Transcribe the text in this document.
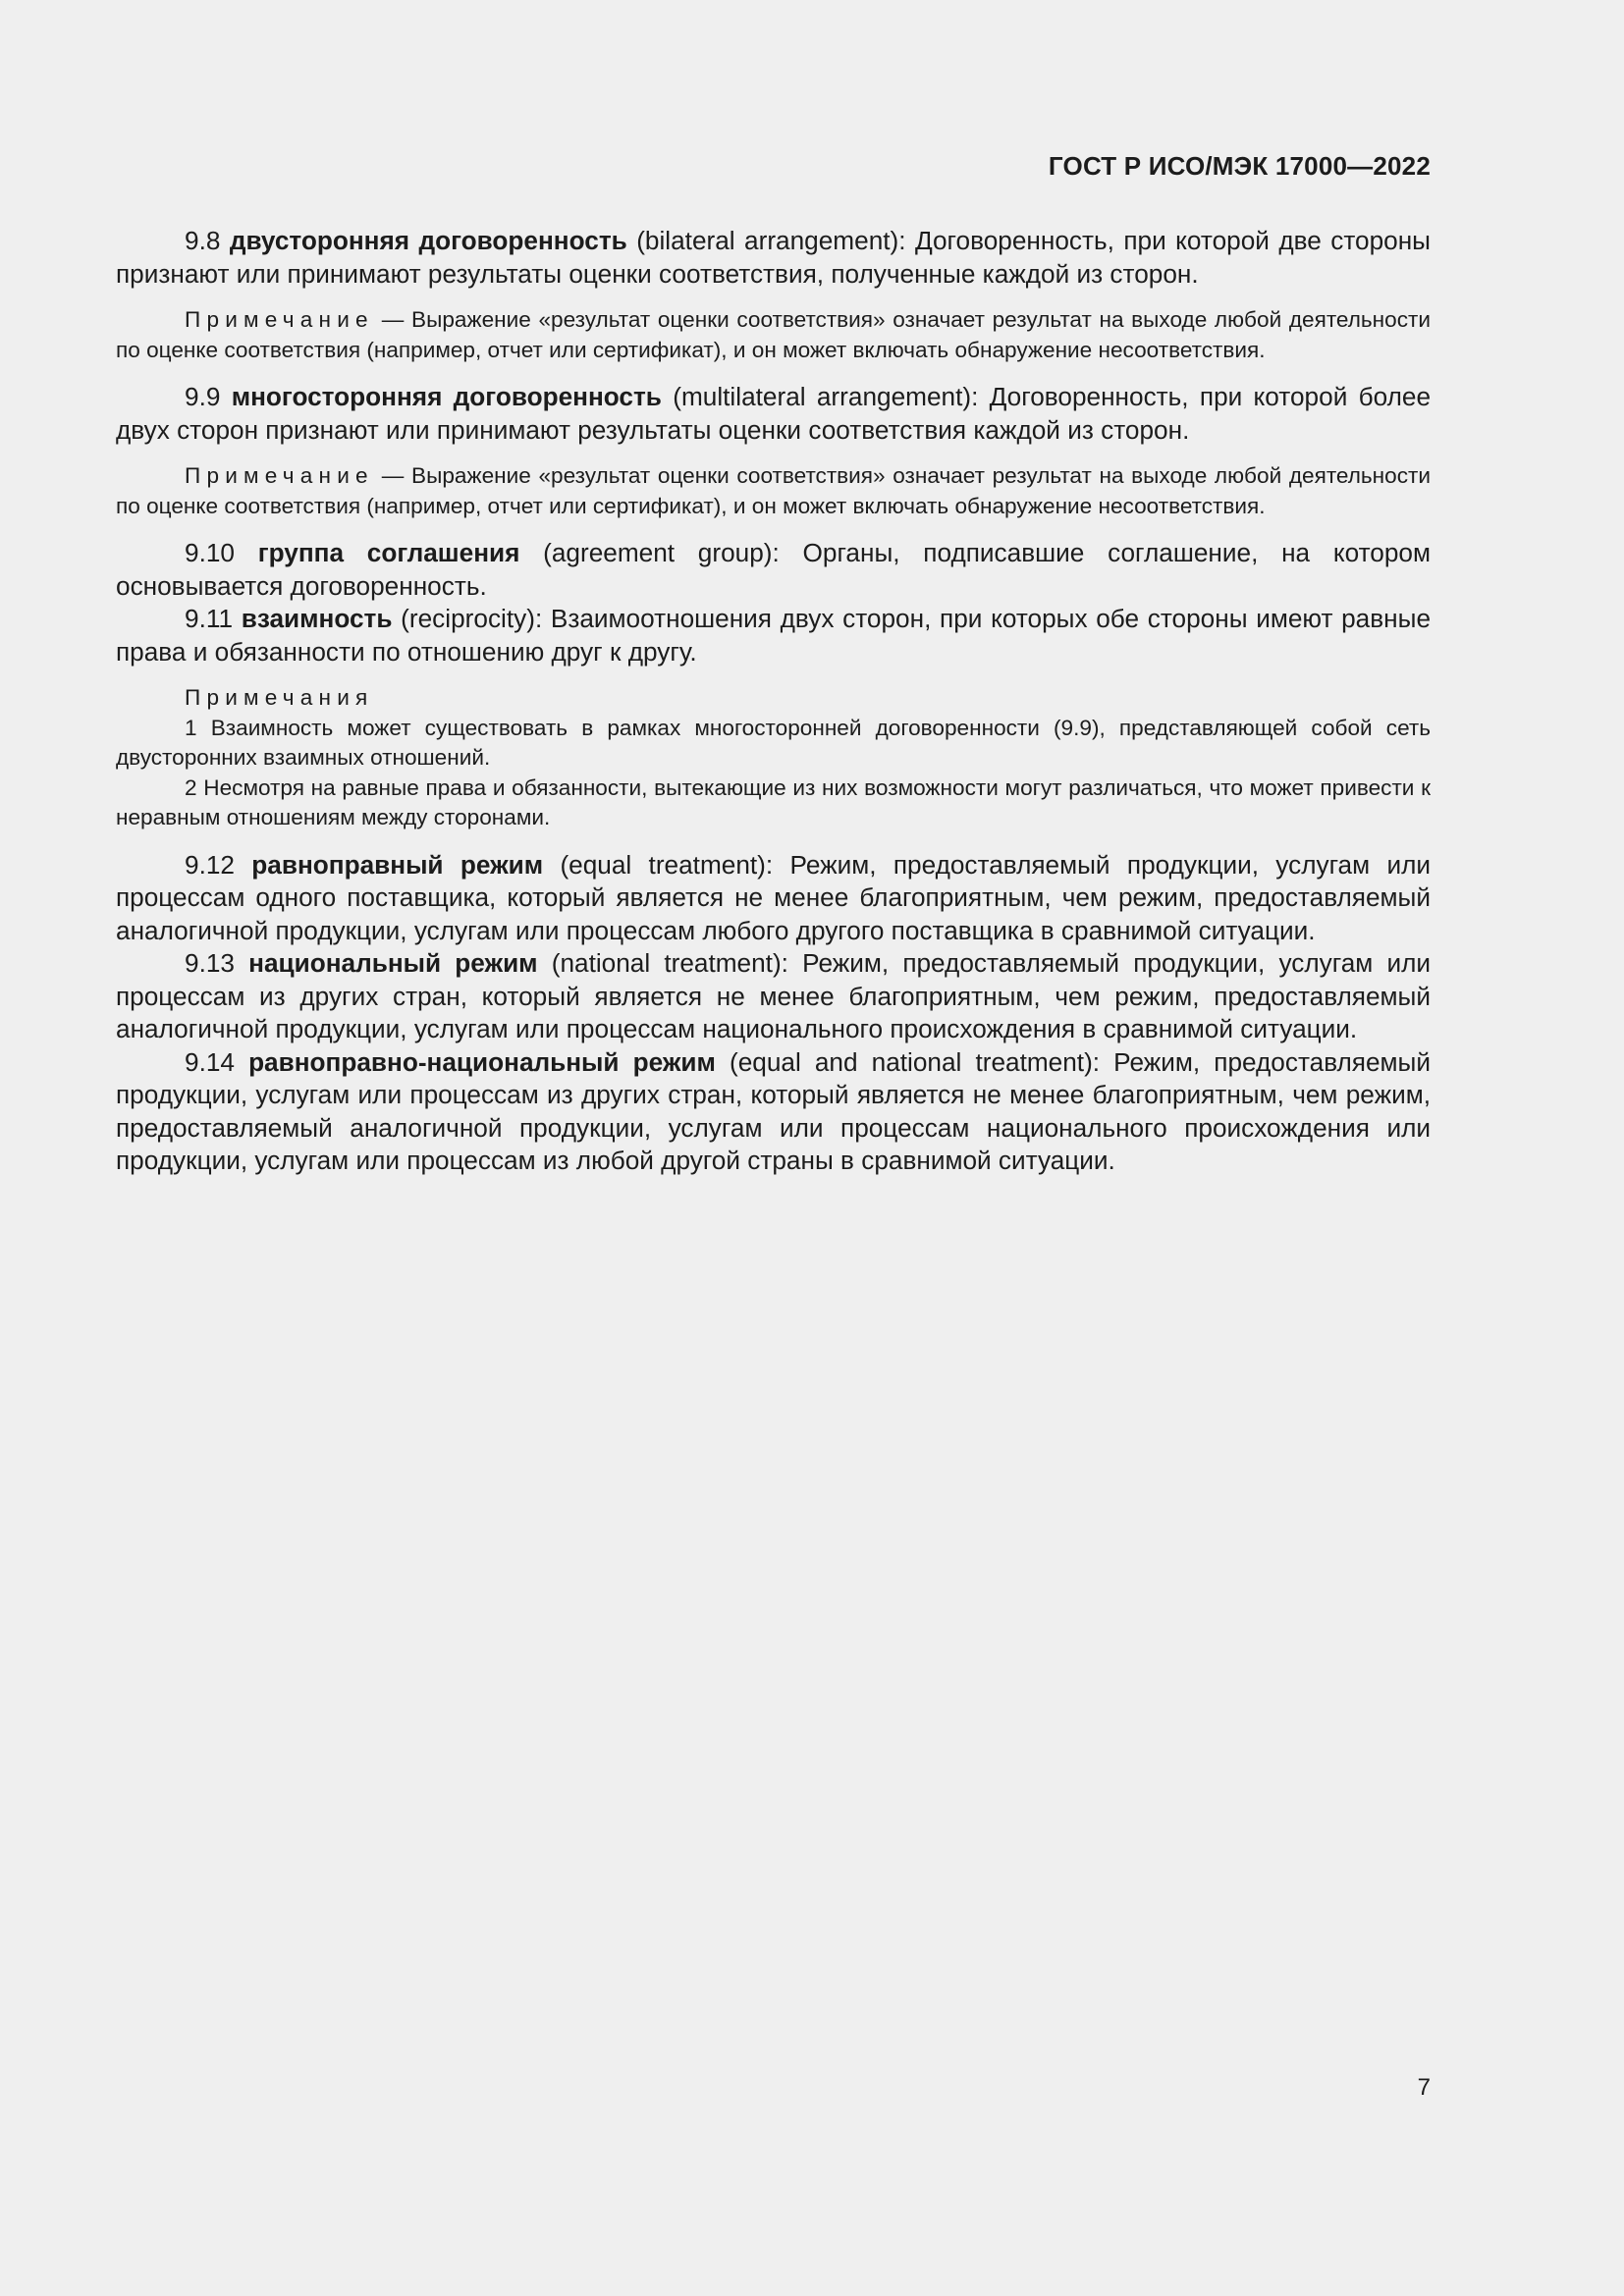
ГОСТ Р ИСО/МЭК 17000—2022

9.8 двусторонняя договоренность (bilateral arrangement): Договоренность, при которой две стороны признают или принимают результаты оценки соответствия, полученные каждой из сторон.

Примечание — Выражение «результат оценки соответствия» означает результат на выходе любой деятельности по оценке соответствия (например, отчет или сертификат), и он может включать обнаружение несоответствия.

9.9 многосторонняя договоренность (multilateral arrangement): Договоренность, при которой более двух сторон признают или принимают результаты оценки соответствия каждой из сторон.

Примечание — Выражение «результат оценки соответствия» означает результат на выходе любой деятельности по оценке соответствия (например, отчет или сертификат), и он может включать обнаружение несоответствия.

9.10 группа соглашения (agreement group): Органы, подписавшие соглашение, на котором основывается договоренность.

9.11 взаимность (reciprocity): Взаимоотношения двух сторон, при которых обе стороны имеют равные права и обязанности по отношению друг к другу.

Примечания

1 Взаимность может существовать в рамках многосторонней договоренности (9.9), представляющей собой сеть двусторонних взаимных отношений.

2 Несмотря на равные права и обязанности, вытекающие из них возможности могут различаться, что может привести к неравным отношениям между сторонами.

9.12 равноправный режим (equal treatment): Режим, предоставляемый продукции, услугам или процессам одного поставщика, который является не менее благоприятным, чем режим, предоставляемый аналогичной продукции, услугам или процессам любого другого поставщика в сравнимой ситуации.

9.13 национальный режим (national treatment): Режим, предоставляемый продукции, услугам или процессам из других стран, который является не менее благоприятным, чем режим, предоставляемый аналогичной продукции, услугам или процессам национального происхождения в сравнимой ситуации.

9.14 равноправно-национальный режим (equal and national treatment): Режим, предоставляемый продукции, услугам или процессам из других стран, который является не менее благоприятным, чем режим, предоставляемый аналогичной продукции, услугам или процессам национального происхождения или продукции, услугам или процессам из любой другой страны в сравнимой ситуации.

7
